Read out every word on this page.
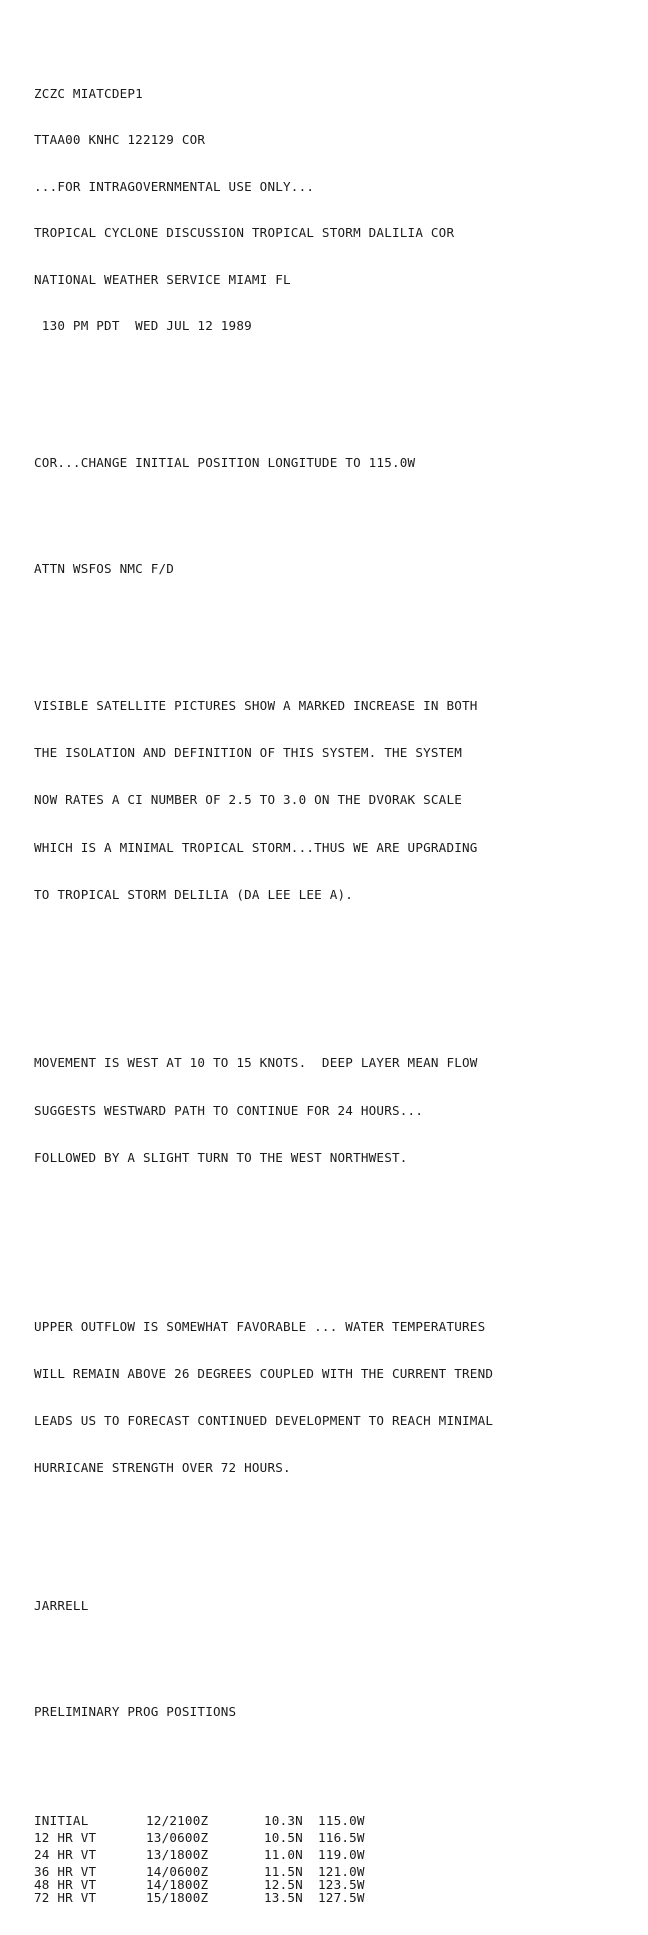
ZCZC MIATCDEP1

TTAA00 KNHC 122129 COR

...FOR INTRAGOVERNMENTAL USE ONLY...

TROPICAL CYCLONE DISCUSSION TROPICAL STORM DALILIA COR

NATIONAL WEATHER SERVICE MIAMI FL

130 PM PDT  WED JUL 12 1989

COR...CHANGE INITIAL POSITION LONGITUDE TO 115.0W

ATTN WSFOS NMC F/D

VISIBLE SATELLITE PICTURES SHOW A MARKED INCREASE IN BOTH

THE ISOLATION AND DEFINITION OF THIS SYSTEM. THE SYSTEM

NOW RATES A CI NUMBER OF 2.5 TO 3.0 ON THE DVORAK SCALE

WHICH IS A MINIMAL TROPICAL STORM...THUS WE ARE UPGRADING

TO TROPICAL STORM DELILIA (DA LEE LEE A).

MOVEMENT IS WEST AT 10 TO 15 KNOTS.  DEEP LAYER MEAN FLOW

SUGGESTS WESTWARD PATH TO CONTINUE FOR 24 HOURS...

FOLLOWED BY A SLIGHT TURN TO THE WEST NORTHWEST.

UPPER OUTFLOW IS SOMEWHAT FAVORABLE ... WATER TEMPERATURES

WILL REMAIN ABOVE 26 DEGREES COUPLED WITH THE CURRENT TREND

LEADS US TO FORECAST CONTINUED DEVELOPMENT TO REACH MINIMAL

HURRICANE STRENGTH OVER 72 HOURS.

JARRELL

PRELIMINARY PROG POSITIONS

INITIAL	12/2100Z	10.3N	115.0W
12 HR VT	13/0600Z	10.5N	116.5W
24 HR VT	13/1800Z	11.0N	119.0W
36 HR VT	14/0600Z	11.5N	121.0W
48 HR VT	14/1800Z	12.5N	123.5W
72 HR VT	15/1800Z	13.5N	127.5W
